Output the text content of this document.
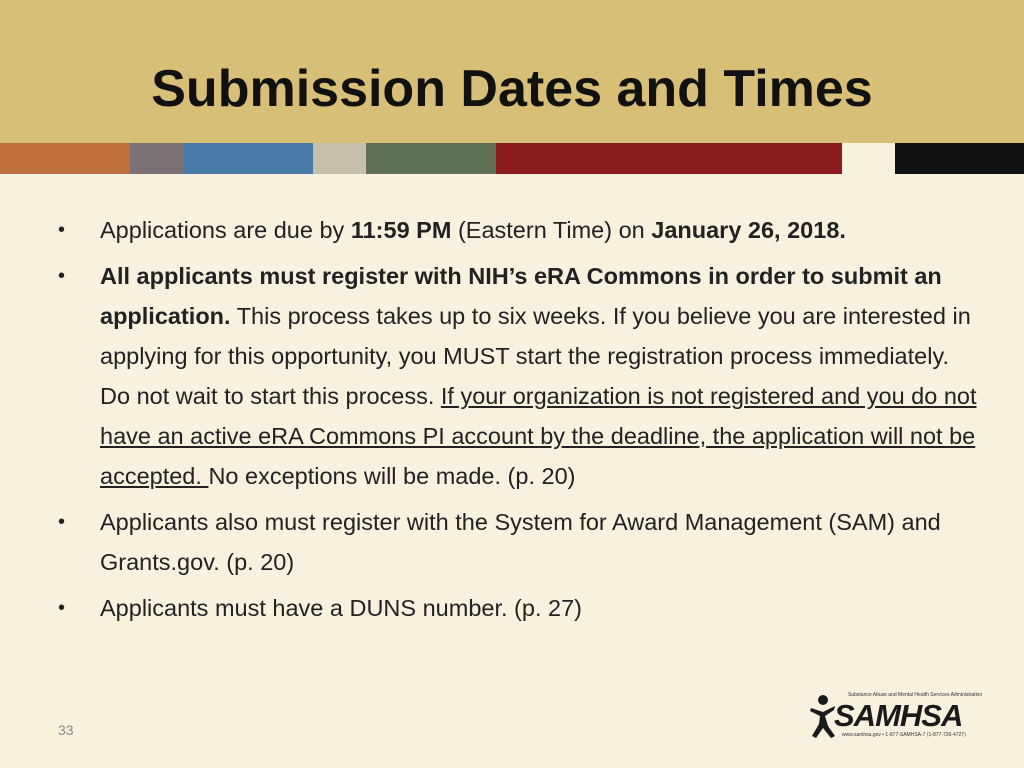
Submission Dates and Times
•
Applications are due by 11:59 PM (Eastern Time) on January 26, 2018.
•
All applicants must register with NIH’s eRA Commons in order to submit an application. This process takes up to six weeks. If you believe you are interested in applying for this opportunity, you MUST start the registration process immediately. Do not wait to start this process. If your organization is not registered and you do not have an active eRA Commons PI account by the deadline, the application will not be accepted. No exceptions will be made. (p. 20)
•
Applicants also must register with the System for Award Management (SAM) and Grants.gov. (p. 20)
•
Applicants must have a DUNS number. (p. 27)
33
Substance Abuse and Mental Health Services Administration
SAMHSA
www.samhsa.gov • 1-877-SAMHSA-7 (1-877-726-4727)
